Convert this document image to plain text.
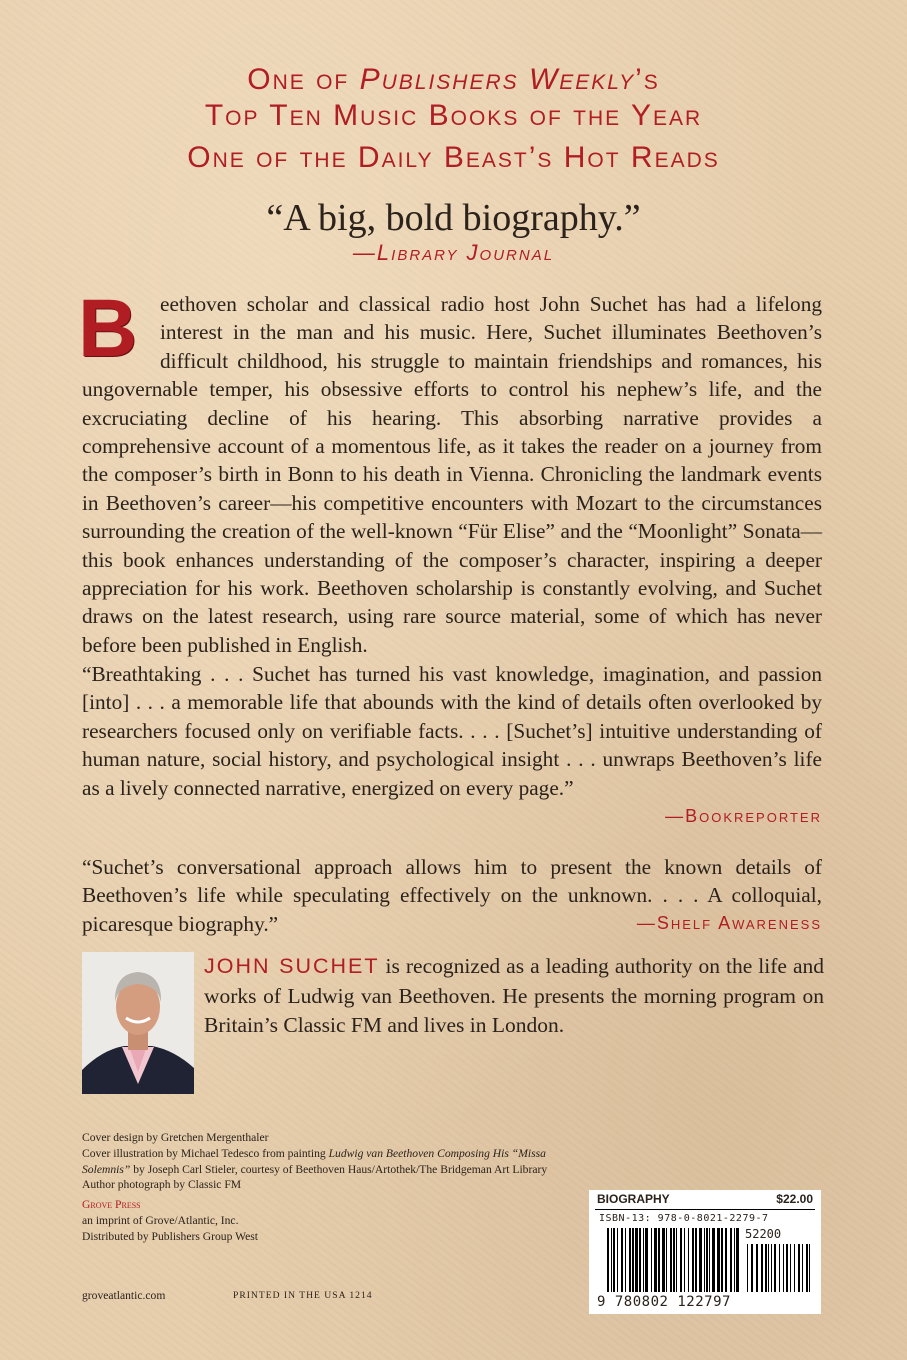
One of Publishers Weekly’s
Top Ten Music Books of the Year
One of the Daily Beast’s Hot Reads
“A big, bold biography.”
—Library Journal
B	eethoven scholar and classical radio host John Suchet has had a lifelong interest in the man and his music. Here, Suchet illuminates Beethoven’s difficult childhood, his struggle to maintain friendships and romances, his ungovernable temper, his obsessive efforts to control his nephew’s life, and the excruciating decline of his hearing. This absorbing narrative provides a comprehensive account of a momentous life, as it takes the reader on a journey from the composer’s birth in Bonn to his death in Vienna. Chronicling the landmark events in Beethoven’s career—his competitive encounters with Mozart to the circumstances surrounding the creation of the well-known “Für Elise” and the “Moonlight” Sonata—this book enhances understanding of the composer’s character, inspiring a deeper appreciation for his work. Beethoven scholarship is constantly evolving, and Suchet draws on the latest research, using rare source material, some of which has never before been published in English.
“Breathtaking . . . Suchet has turned his vast knowledge, imagination, and passion [into] . . . a memorable life that abounds with the kind of details often overlooked by researchers focused only on verifiable facts. . . . [Suchet’s] intuitive understanding of human nature, social history, and psychological insight . . . unwraps Beethoven’s life as a lively connected narrative, energized on every page.”
—Bookreporter
“Suchet’s conversational approach allows him to present the known details of Beethoven’s life while speculating effectively on the unknown. . . . A colloquial, picaresque biography.”	—Shelf Awareness
JOHN SUCHET is recognized as a leading authority on the life and works of Ludwig van Beethoven. He presents the morning program on Britain’s Classic FM and lives in London.
Cover design by Gretchen Mergenthaler
Cover illustration by Michael Tedesco from painting Ludwig van Beethoven Composing His “Missa Solemnis” by Joseph Carl Stieler, courtesy of Beethoven Haus/Artothek/The Bridgeman Art Library
Author photograph by Classic FM
Grove Press
an imprint of Grove/Atlantic, Inc.
Distributed by Publishers Group West
groveatlantic.com	PRINTED IN THE USA 1214
BIOGRAPHY	$22.00
ISBN-13: 978-0-8021-2279-7
52200
9 780802 122797
